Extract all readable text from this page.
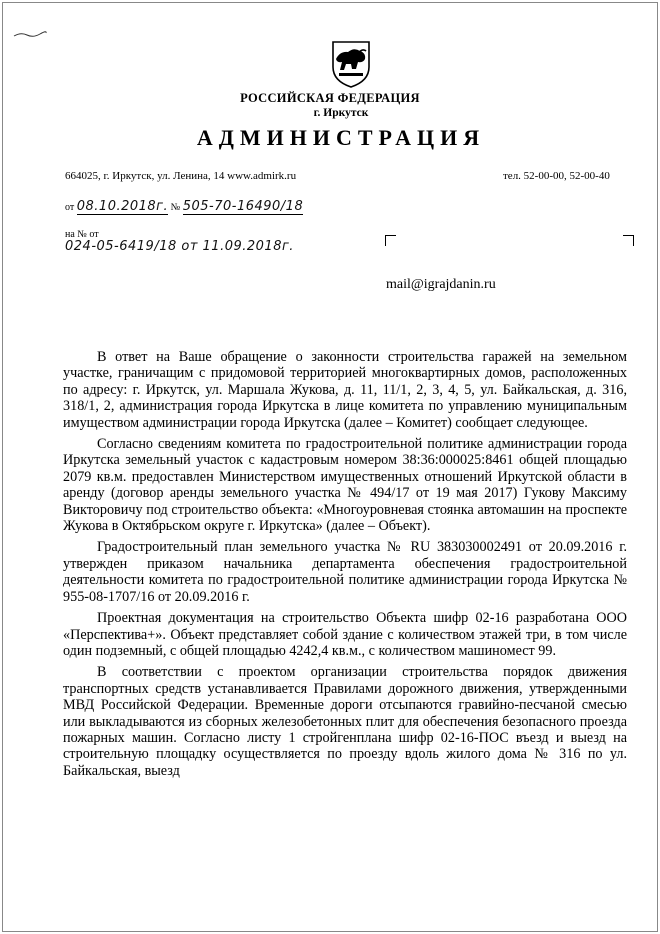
РОССИЙСКАЯ ФЕДЕРАЦИЯ
г. Иркутск
АДМИНИСТРАЦИЯ
664025, г. Иркутск, ул. Ленина, 14 www.admirk.ru	тел. 52-00-00, 52-00-40
от 08.10.2018г. № 505-70-16490/18
на № от
024-05-6419/18 от 11.09.2018г.
mail@igrajdanin.ru

В ответ на Ваше обращение о законности строительства гаражей на земельном участке, граничащим с придомовой территорией многоквартирных домов, расположенных по адресу: г. Иркутск, ул. Маршала Жукова, д. 11, 11/1, 2, 3, 4, 5, ул. Байкальская, д. 316, 318/1, 2, администрация города Иркутска в лице комитета по управлению муниципальным имуществом администрации города Иркутска (далее – Комитет) сообщает следующее.

Согласно сведениям комитета по градостроительной политике администрации города Иркутска земельный участок с кадастровым номером 38:36:000025:8461 общей площадью 2079 кв.м. предоставлен Министерством имущественных отношений Иркутской области в аренду (договор аренды земельного участка № 494/17 от 19 мая 2017) Гукову Максиму Викторовичу под строительство объекта: «Многоуровневая стоянка автомашин на проспекте Жукова в Октябрьском округе г. Иркутска» (далее – Объект).

Градостроительный план земельного участка № RU 383030002491 от 20.09.2016 г. утвержден приказом начальника департамента обеспечения градостроительной деятельности комитета по градостроительной политике администрации города Иркутска № 955-08-1707/16 от 20.09.2016 г.

Проектная документация на строительство Объекта шифр 02-16 разработана ООО «Перспектива+». Объект представляет собой здание с количеством этажей три, в том числе один подземный, с общей площадью 4242,4 кв.м., с количеством машиномест 99.

В соответствии с проектом организации строительства порядок движения транспортных средств устанавливается Правилами дорожного движения, утвержденными МВД Российской Федерации. Временные дороги отсыпаются гравийно-песчаной смесью или выкладываются из сборных железобетонных плит для обеспечения безопасного проезда пожарных машин. Согласно листу 1 стройгенплана шифр 02-16-ПОС въезд и выезд на строительную площадку осуществляется по проезду вдоль жилого дома № 316 по ул. Байкальская, выезд
